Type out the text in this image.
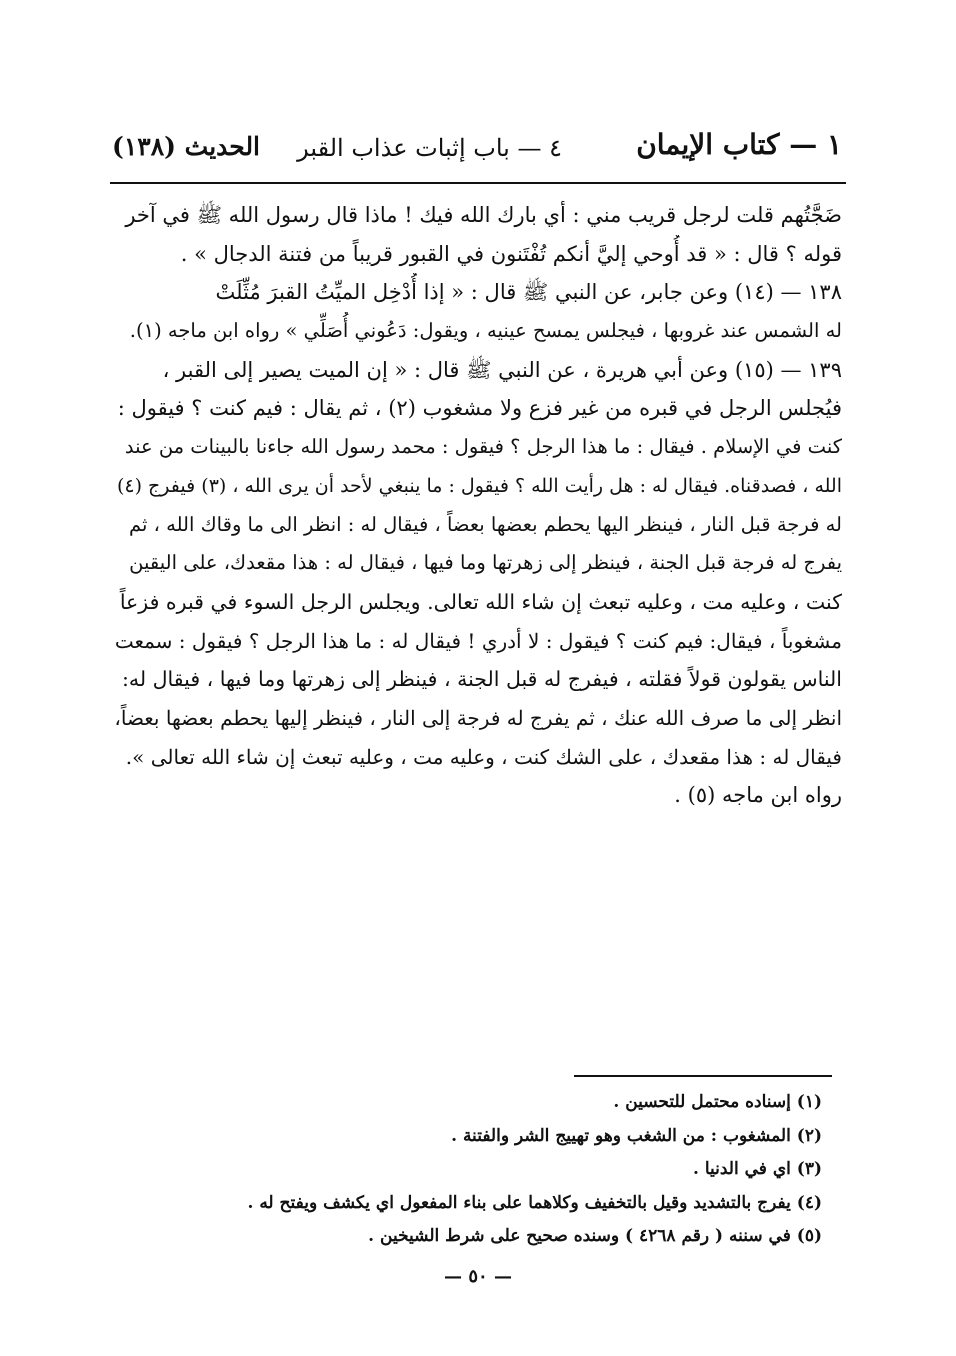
١ — كتاب الإيمان
٤ — باب إثبات عذاب القبر
الحديث (١٣٨)
ضَجَّتُهم قلت لرجل قريب مني : أي بارك الله فيك ! ماذا قال رسول الله ﷺ في آخر
قوله ؟ قال : « قد أُوحي إليَّ أنكم تُفْتَنون في القبور قريباً من فتنة الدجال » .
١٣٨ — (١٤) وعن جابر، عن النبي ﷺ قال : « إذا أُدْخِل الميِّتُ القبرَ مُثِّلَتْ
له الشمس عند غروبها ، فيجلس يمسح عينيه ، ويقول: دَعُوني أُصَلِّي » رواه ابن ماجه (١).
١٣٩ — (١٥) وعن أبي هريرة ، عن النبي ﷺ قال : « إن الميت يصير إلى القبر ،
فيُجلس الرجل في قبره من غير فزع ولا مشغوب (٢) ، ثم يقال : فيم كنت ؟ فيقول :
كنت في الإسلام . فيقال : ما هذا الرجل ؟ فيقول : محمد رسول الله جاءنا بالبينات من عند
الله ، فصدقناه. فيقال له : هل رأيت الله ؟ فيقول : ما ينبغي لأحد أن يرى الله ، (٣) فيفرج (٤)
له فرجة قبل النار ، فينظر اليها يحطم بعضها بعضاً ، فيقال له : انظر الى ما وقاك الله ، ثم
يفرج له فرجة قبل الجنة ، فينظر إلى زهرتها وما فيها ، فيقال له : هذا مقعدك، على اليقين
كنت ، وعليه مت ، وعليه تبعث إن شاء الله تعالى. ويجلس الرجل السوء في قبره فزعاً
مشغوباً ، فيقال: فيم كنت ؟ فيقول : لا أدري ! فيقال له : ما هذا الرجل ؟ فيقول : سمعت
الناس يقولون قولاً فقلته ، فيفرج له قبل الجنة ، فينظر إلى زهرتها وما فيها ، فيقال له:
انظر إلى ما صرف الله عنك ، ثم يفرج له فرجة إلى النار ، فينظر إليها يحطم بعضها بعضاً،
فيقال له : هذا مقعدك ، على الشك كنت ، وعليه مت ، وعليه تبعث إن شاء الله تعالى ».
رواه ابن ماجه (٥) .
(١) إسناده محتمل للتحسين .
(٢) المشغوب : من الشغب وهو تهييج الشر والفتنة .
(٣) اي في الدنيا .
(٤) يفرج بالتشديد وقيل بالتخفيف وكلاهما على بناء المفعول اي يكشف ويفتح له .
(٥) في سننه ( رقم ٤٢٦٨ ) وسنده صحيح على شرط الشيخين .
— ٥٠ —
